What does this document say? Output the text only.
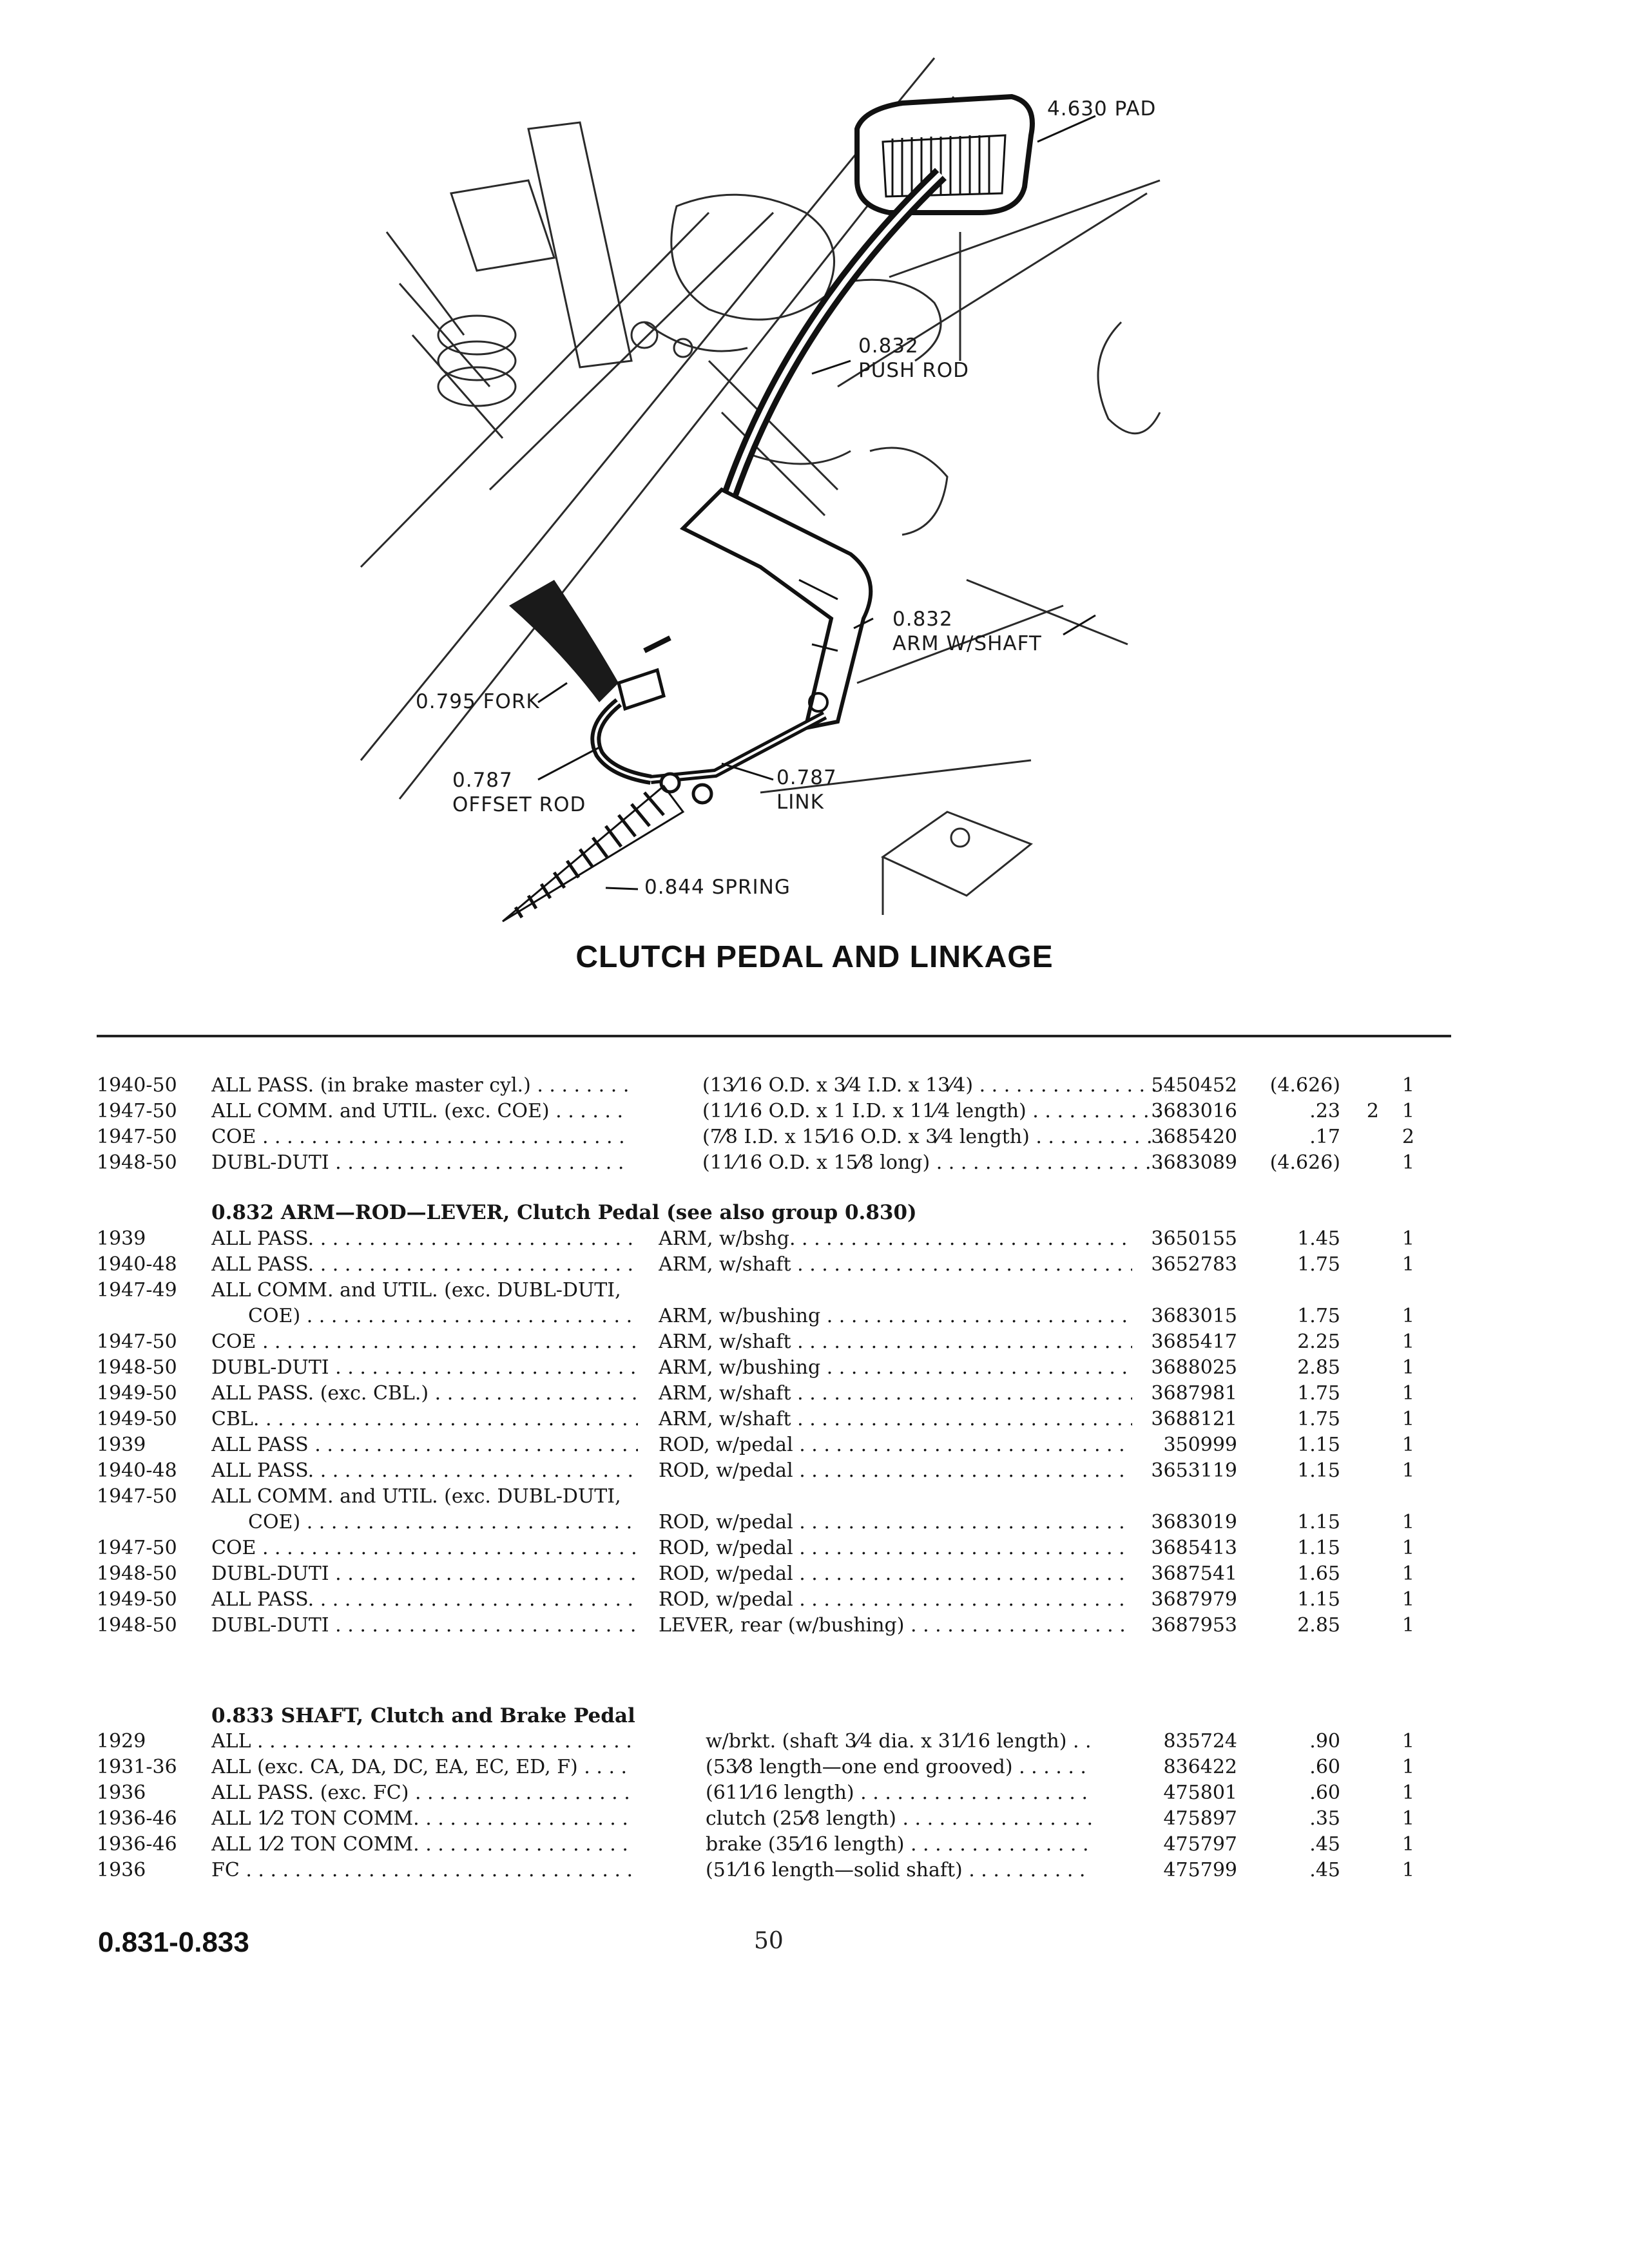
4.630 PAD
0.832
PUSH ROD
0.832
ARM W/SHAFT
0.795 FORK
0.787
OFFSET ROD
0.787
LINK
0.844 SPRING
CLUTCH PEDAL AND LINKAGE
1940-50	ALL PASS. (in brake master cyl.) . . .	(13⁄16 O.D. x 3⁄4 I.D. x 13⁄4) . . .	5450452	(4.626)	1
1947-50	ALL COMM. and UTIL. (exc. COE) . . .	(11⁄16 O.D. x 1 I.D. x 11⁄4 length) . . .	3683016	.23	2	1
1947-50	COE . . .	(7⁄8 I.D. x 15⁄16 O.D. x 3⁄4 length) . . .	3685420	.17	2
1948-50	DUBL-DUTI . . .	(11⁄16 O.D. x 15⁄8 long) . . .	3683089	(4.626)	1
0.832 ARM—ROD—LEVER, Clutch Pedal (see also group 0.830)
1939	ALL PASS. . . .	ARM, w/bshg. . . .	3650155	1.45	1
1940-48	ALL PASS. . . .	ARM, w/shaft . . .	3652783	1.75	1
1947-49	ALL COMM. and UTIL. (exc. DUBL-DUTI,
COE) . . .	ARM, w/bushing . . .	3683015	1.75	1
1947-50	COE . . .	ARM, w/shaft . . .	3685417	2.25	1
1948-50	DUBL-DUTI . . .	ARM, w/bushing . . .	3688025	2.85	1
1949-50	ALL PASS. (exc. CBL.) . . .	ARM, w/shaft . . .	3687981	1.75	1
1949-50	CBL. . . .	ARM, w/shaft . . .	3688121	1.75	1
1939	ALL PASS . . .	ROD, w/pedal . . .	350999	1.15	1
1940-48	ALL PASS. . . .	ROD, w/pedal . . .	3653119	1.15	1
1947-50	ALL COMM. and UTIL. (exc. DUBL-DUTI,
COE) . . .	ROD, w/pedal . . .	3683019	1.15	1
1947-50	COE . . .	ROD, w/pedal . . .	3685413	1.15	1
1948-50	DUBL-DUTI . . .	ROD, w/pedal . . .	3687541	1.65	1
1949-50	ALL PASS. . . .	ROD, w/pedal . . .	3687979	1.15	1
1948-50	DUBL-DUTI . . .	LEVER, rear (w/bushing) . . .	3687953	2.85	1
0.833 SHAFT, Clutch and Brake Pedal
1929	ALL . . .	w/brkt. (shaft 3⁄4 dia. x 31⁄16 length) . . .	835724	.90	1
1931-36	ALL (exc. CA, DA, DC, EA, EC, ED, F) . . .	(53⁄8 length—one end grooved) . . .	836422	.60	1
1936	ALL PASS. (exc. FC) . . .	(611⁄16 length) . . .	475801	.60	1
1936-46	ALL 1⁄2 TON COMM. . . .	clutch (25⁄8 length) . . .	475897	.35	1
1936-46	ALL 1⁄2 TON COMM. . . .	brake (35⁄16 length) . . .	475797	.45	1
1936	FC . . .	(51⁄16 length—solid shaft) . . .	475799	.45	1
0.831-0.833	50
